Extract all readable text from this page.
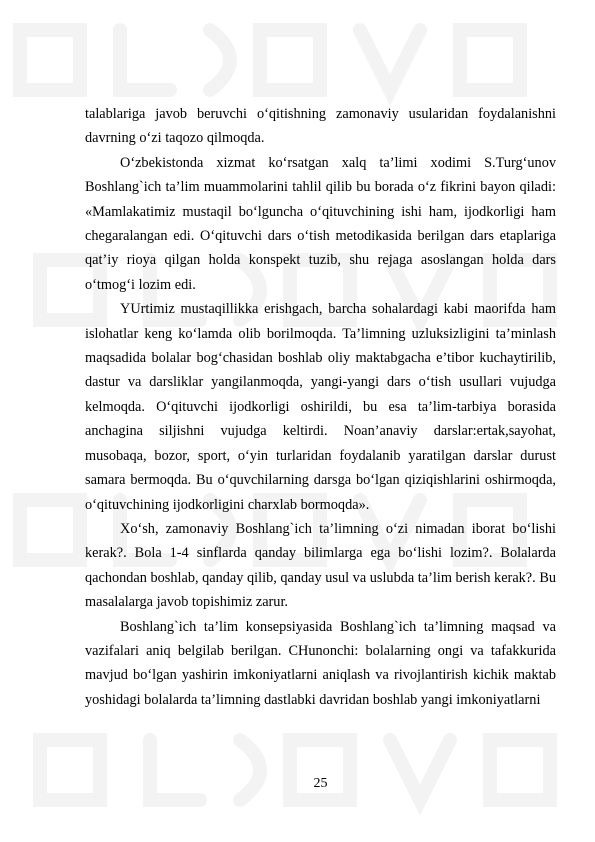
talablariga javob beruvchi o‘qitishning zamonaviy usularidan foydalanishni davrning o‘zi taqozo qilmoqda.

O‘zbekistonda xizmat ko‘rsatgan xalq ta’limi xodimi S.Turg‘unov Boshlang`ich ta’lim muammolarini tahlil qilib bu borada o‘z fikrini bayon qiladi: «Mamlakatimiz mustaqil bo‘lguncha o‘qituvchining ishi ham, ijodkorligi ham chegaralangan edi. O‘qituvchi dars o‘tish metodikasida berilgan dars etaplariga qat’iy rioya qilgan holda konspekt tuzib, shu rejaga asoslangan holda dars o‘tmog‘i lozim edi.

YUrtimiz mustaqillikka erishgach, barcha sohalardagi kabi maorifda ham islohatlar keng ko‘lamda olib borilmoqda. Ta’limning uzluksizligini ta’minlash maqsadida bolalar bog‘chasidan boshlab oliy maktabgacha e’tibor kuchaytirilib, dastur va darsliklar yangilanmoqda, yangi-yangi dars o‘tish usullari vujudga kelmoqda. O‘qituvchi ijodkorligi oshirildi, bu esa ta’lim-tarbiya borasida anchagina siljishni vujudga keltirdi. Noan’anaviy darslar:ertak,sayohat, musobaqa, bozor, sport, o‘yin turlaridan foydalanib yaratilgan darslar durust samara bermoqda. Bu o‘quvchilarning darsga bo‘lgan qiziqishlarini oshirmoqda, o‘qituvchining ijodkorligini charxlab bormoqda».

Xo‘sh, zamonaviy Boshlang`ich ta’limning o‘zi nimadan iborat bo‘lishi kerak?. Bola 1-4 sinflarda qanday bilimlarga ega bo‘lishi lozim?. Bolalarda qachondan boshlab, qanday qilib, qanday usul va uslubda ta’lim berish kerak?. Bu masalalarga javob topishimiz zarur.

Boshlang`ich ta’lim konsepsiyasida Boshlang`ich ta’limning maqsad va vazifalari aniq belgilab berilgan. CHunonchi: bolalarning ongi va tafakkurida mavjud bo‘lgan yashirin imkoniyatlarni aniqlash va rivojlantirish kichik maktab yoshidagi bolalarda ta’limning dastlabki davridan boshlab yangi imkoniyatlarni

25
